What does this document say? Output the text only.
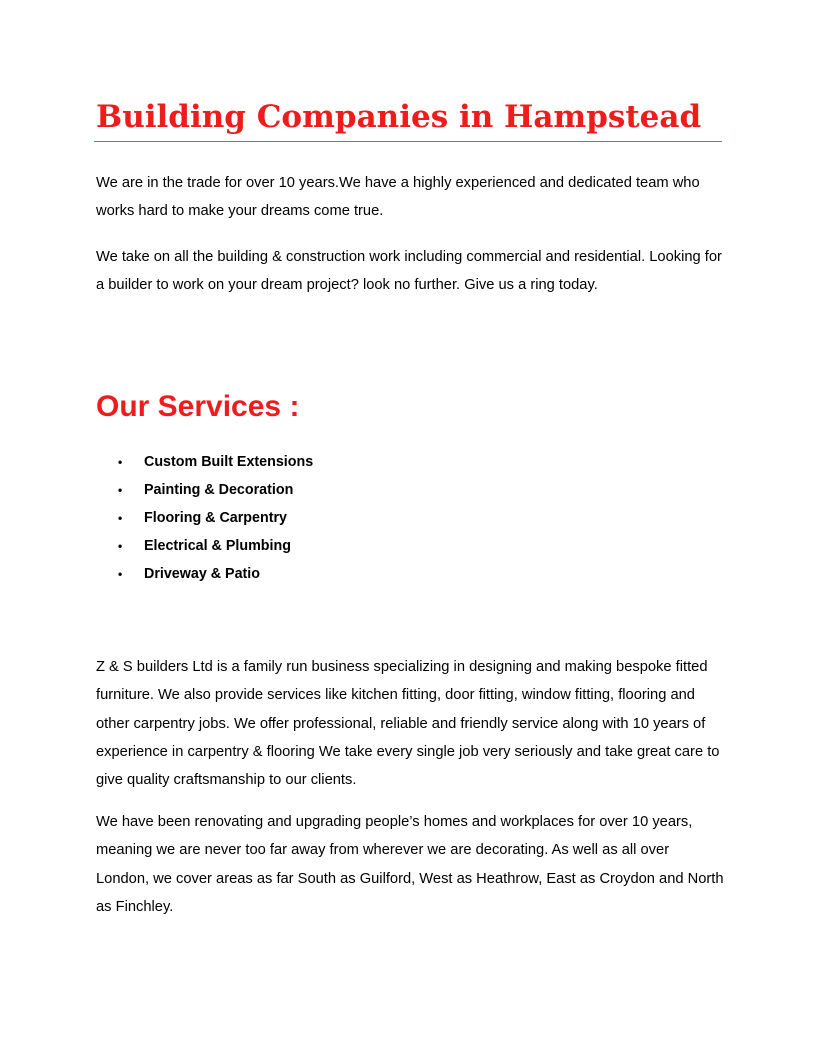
Building Companies in Hampstead

We are in the trade for over 10 years.We have a highly experienced and dedicated team who works hard to make your dreams come true.

We take on all the building & construction work including commercial and residential. Looking for a builder to work on your dream project? look no further. Give us a ring today.

Our Services :
• Custom Built Extensions
• Painting & Decoration
• Flooring & Carpentry
• Electrical & Plumbing
• Driveway & Patio

Z & S builders Ltd is a family run business specializing in designing and making bespoke fitted furniture. We also provide services like kitchen fitting, door fitting, window fitting, flooring and other carpentry jobs. We offer professional, reliable and friendly service along with 10 years of experience in carpentry & flooring We take every single job very seriously and take great care to give quality craftsmanship to our clients.

We have been renovating and upgrading people’s homes and workplaces for over 10 years, meaning we are never too far away from wherever we are decorating. As well as all over London, we cover areas as far South as Guilford, West as Heathrow, East as Croydon and North as Finchley.
